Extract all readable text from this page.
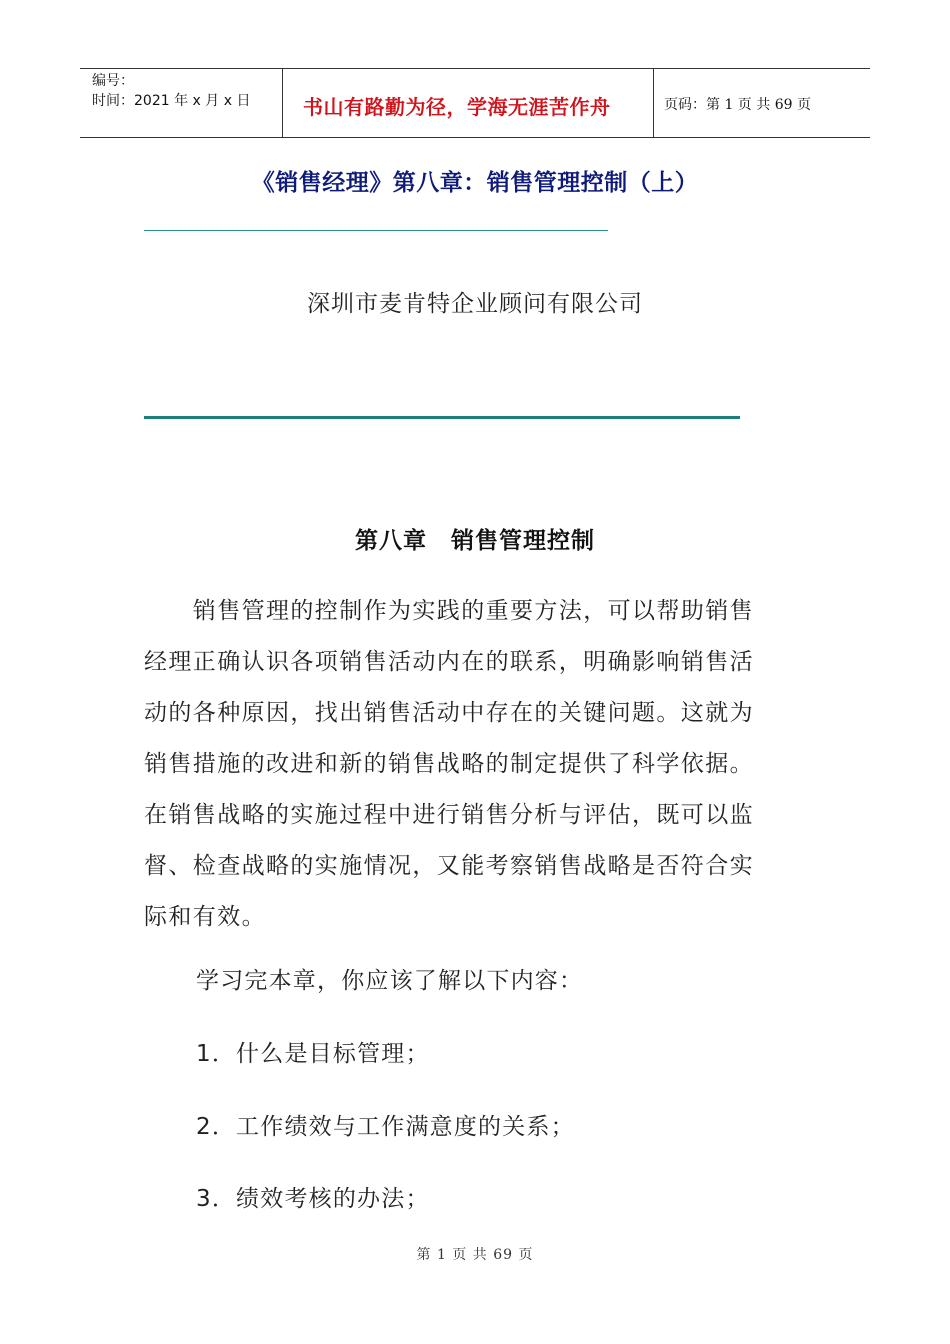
编号：
时间：2021 年 x 月 x 日	书山有路勤为径，学海无涯苦作舟	页码：第 1 页 共 69 页
《销售经理》第八章：销售管理控制（上）
深圳市麦肯特企业顾问有限公司
第八章　销售管理控制

　　销售管理的控制作为实践的重要方法，可以帮助销售

经理正确认识各项销售活动内在的联系，明确影响销售活

动的各种原因，找出销售活动中存在的关键问题。这就为

销售措施的改进和新的销售战略的制定提供了科学依据。

在销售战略的实施过程中进行销售分析与评估，既可以监

督、检查战略的实施情况，又能考察销售战略是否符合实

际和有效。

学习完本章，你应该了解以下内容：
1．什么是目标管理；
2．工作绩效与工作满意度的关系；
3．绩效考核的办法；
第 1 页 共 69 页
